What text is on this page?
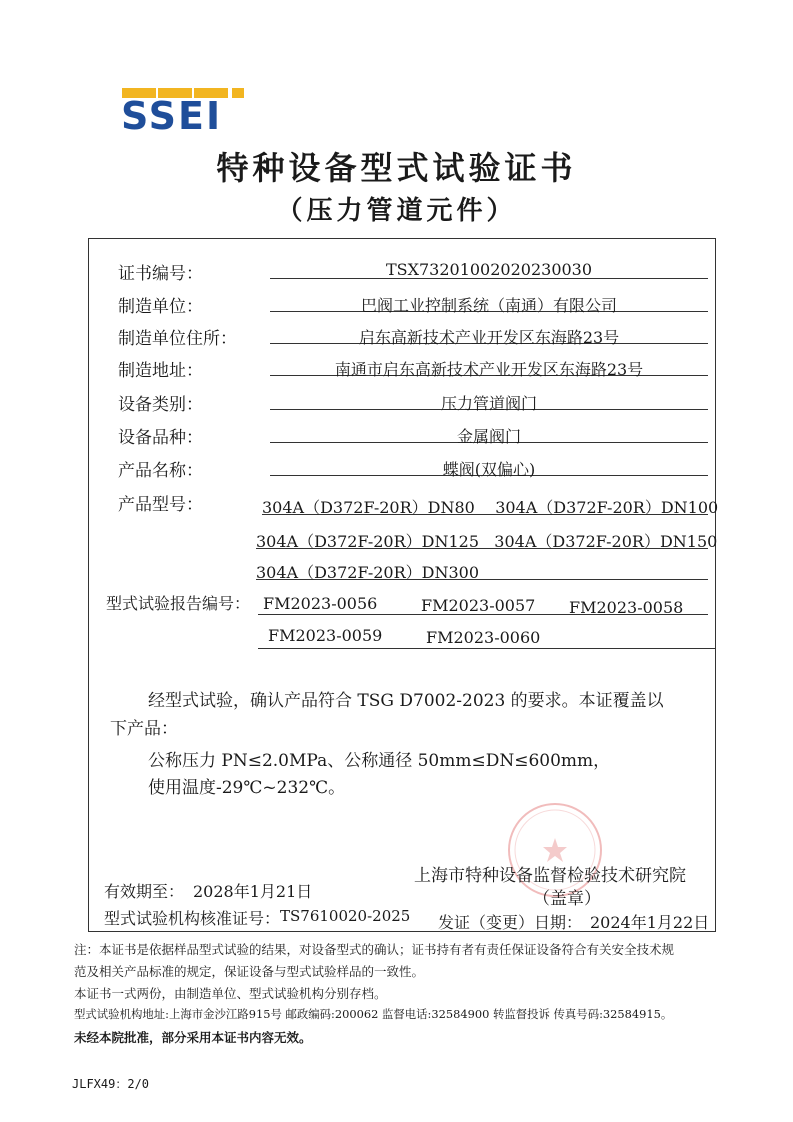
SSEI
特种设备型式试验证书
（压力管道元件）
证书编号：	TSX73201002020230030
制造单位：	巴阀工业控制系统（南通）有限公司
制造单位住所：	启东高新技术产业开发区东海路23号
制造地址：	南通市启东高新技术产业开发区东海路23号
设备类别：	压力管道阀门
设备品种：	金属阀门
产品名称：	蝶阀(双偏心)
产品型号：	304A（D372F-20R）DN80    304A（D372F-20R）DN100
304A（D372F-20R）DN125   304A（D372F-20R）DN150
304A（D372F-20R）DN300
型式试验报告编号： FM2023-0056	FM2023-0057 FM2023-0058
FM2023-0059	FM2023-0060
经型式试验，确认产品符合 TSG D7002-2023 的要求。本证覆盖以
下产品：
公称压力 PN≤2.0MPa、公称通径 50mm≤DN≤600mm，
使用温度-29℃~232℃。
上海市特种设备监督检验技术研究院
（盖章）
有效期至： 2028年1月21日
型式试验机构核准证号： TS7610020-2025 发证（变更）日期： 2024年1月22日
注：本证书是依据样品型式试验的结果，对设备型式的确认；证书持有者有责任保证设备符合有关安全技术规
范及相关产品标准的规定，保证设备与型式试验样品的一致性。
本证书一式两份，由制造单位、型式试验机构分别存档。
型式试验机构地址:上海市金沙江路915号 邮政编码:200062 监督电话:32584900 转监督投诉 传真号码:32584915。
未经本院批准，部分采用本证书内容无效。
JLFX49：2/0
